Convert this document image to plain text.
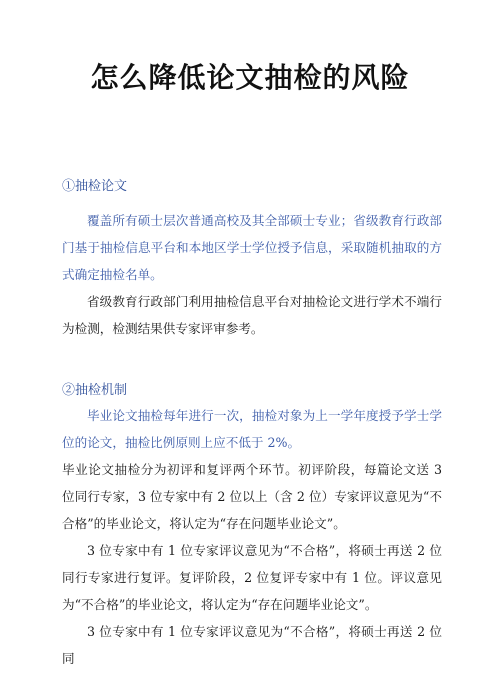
怎么降低论文抽检的风险
①抽检论文
覆盖所有硕士层次普通高校及其全部硕士专业；省级教育行政部门基于抽检信息平台和本地区学士学位授予信息，采取随机抽取的方式确定抽检名单。
省级教育行政部门利用抽检信息平台对抽检论文进行学术不端行为检测，检测结果供专家评审参考。
②抽检机制
毕业论文抽检每年进行一次，抽检对象为上一学年度授予学士学位的论文，抽检比例原则上应不低于 2%。
毕业论文抽检分为初评和复评两个环节。初评阶段，每篇论文送 3 位同行专家，3 位专家中有 2 位以上（含 2 位）专家评议意见为“不合格”的毕业论文，将认定为“存在问题毕业论文”。
3 位专家中有 1 位专家评议意见为“不合格”，将硕士再送 2 位同行专家进行复评。复评阶段，2 位复评专家中有 1 位。评议意见为“不合格”的毕业论文，将认定为“存在问题毕业论文”。
3 位专家中有 1 位专家评议意见为“不合格”，将硕士再送 2 位同
